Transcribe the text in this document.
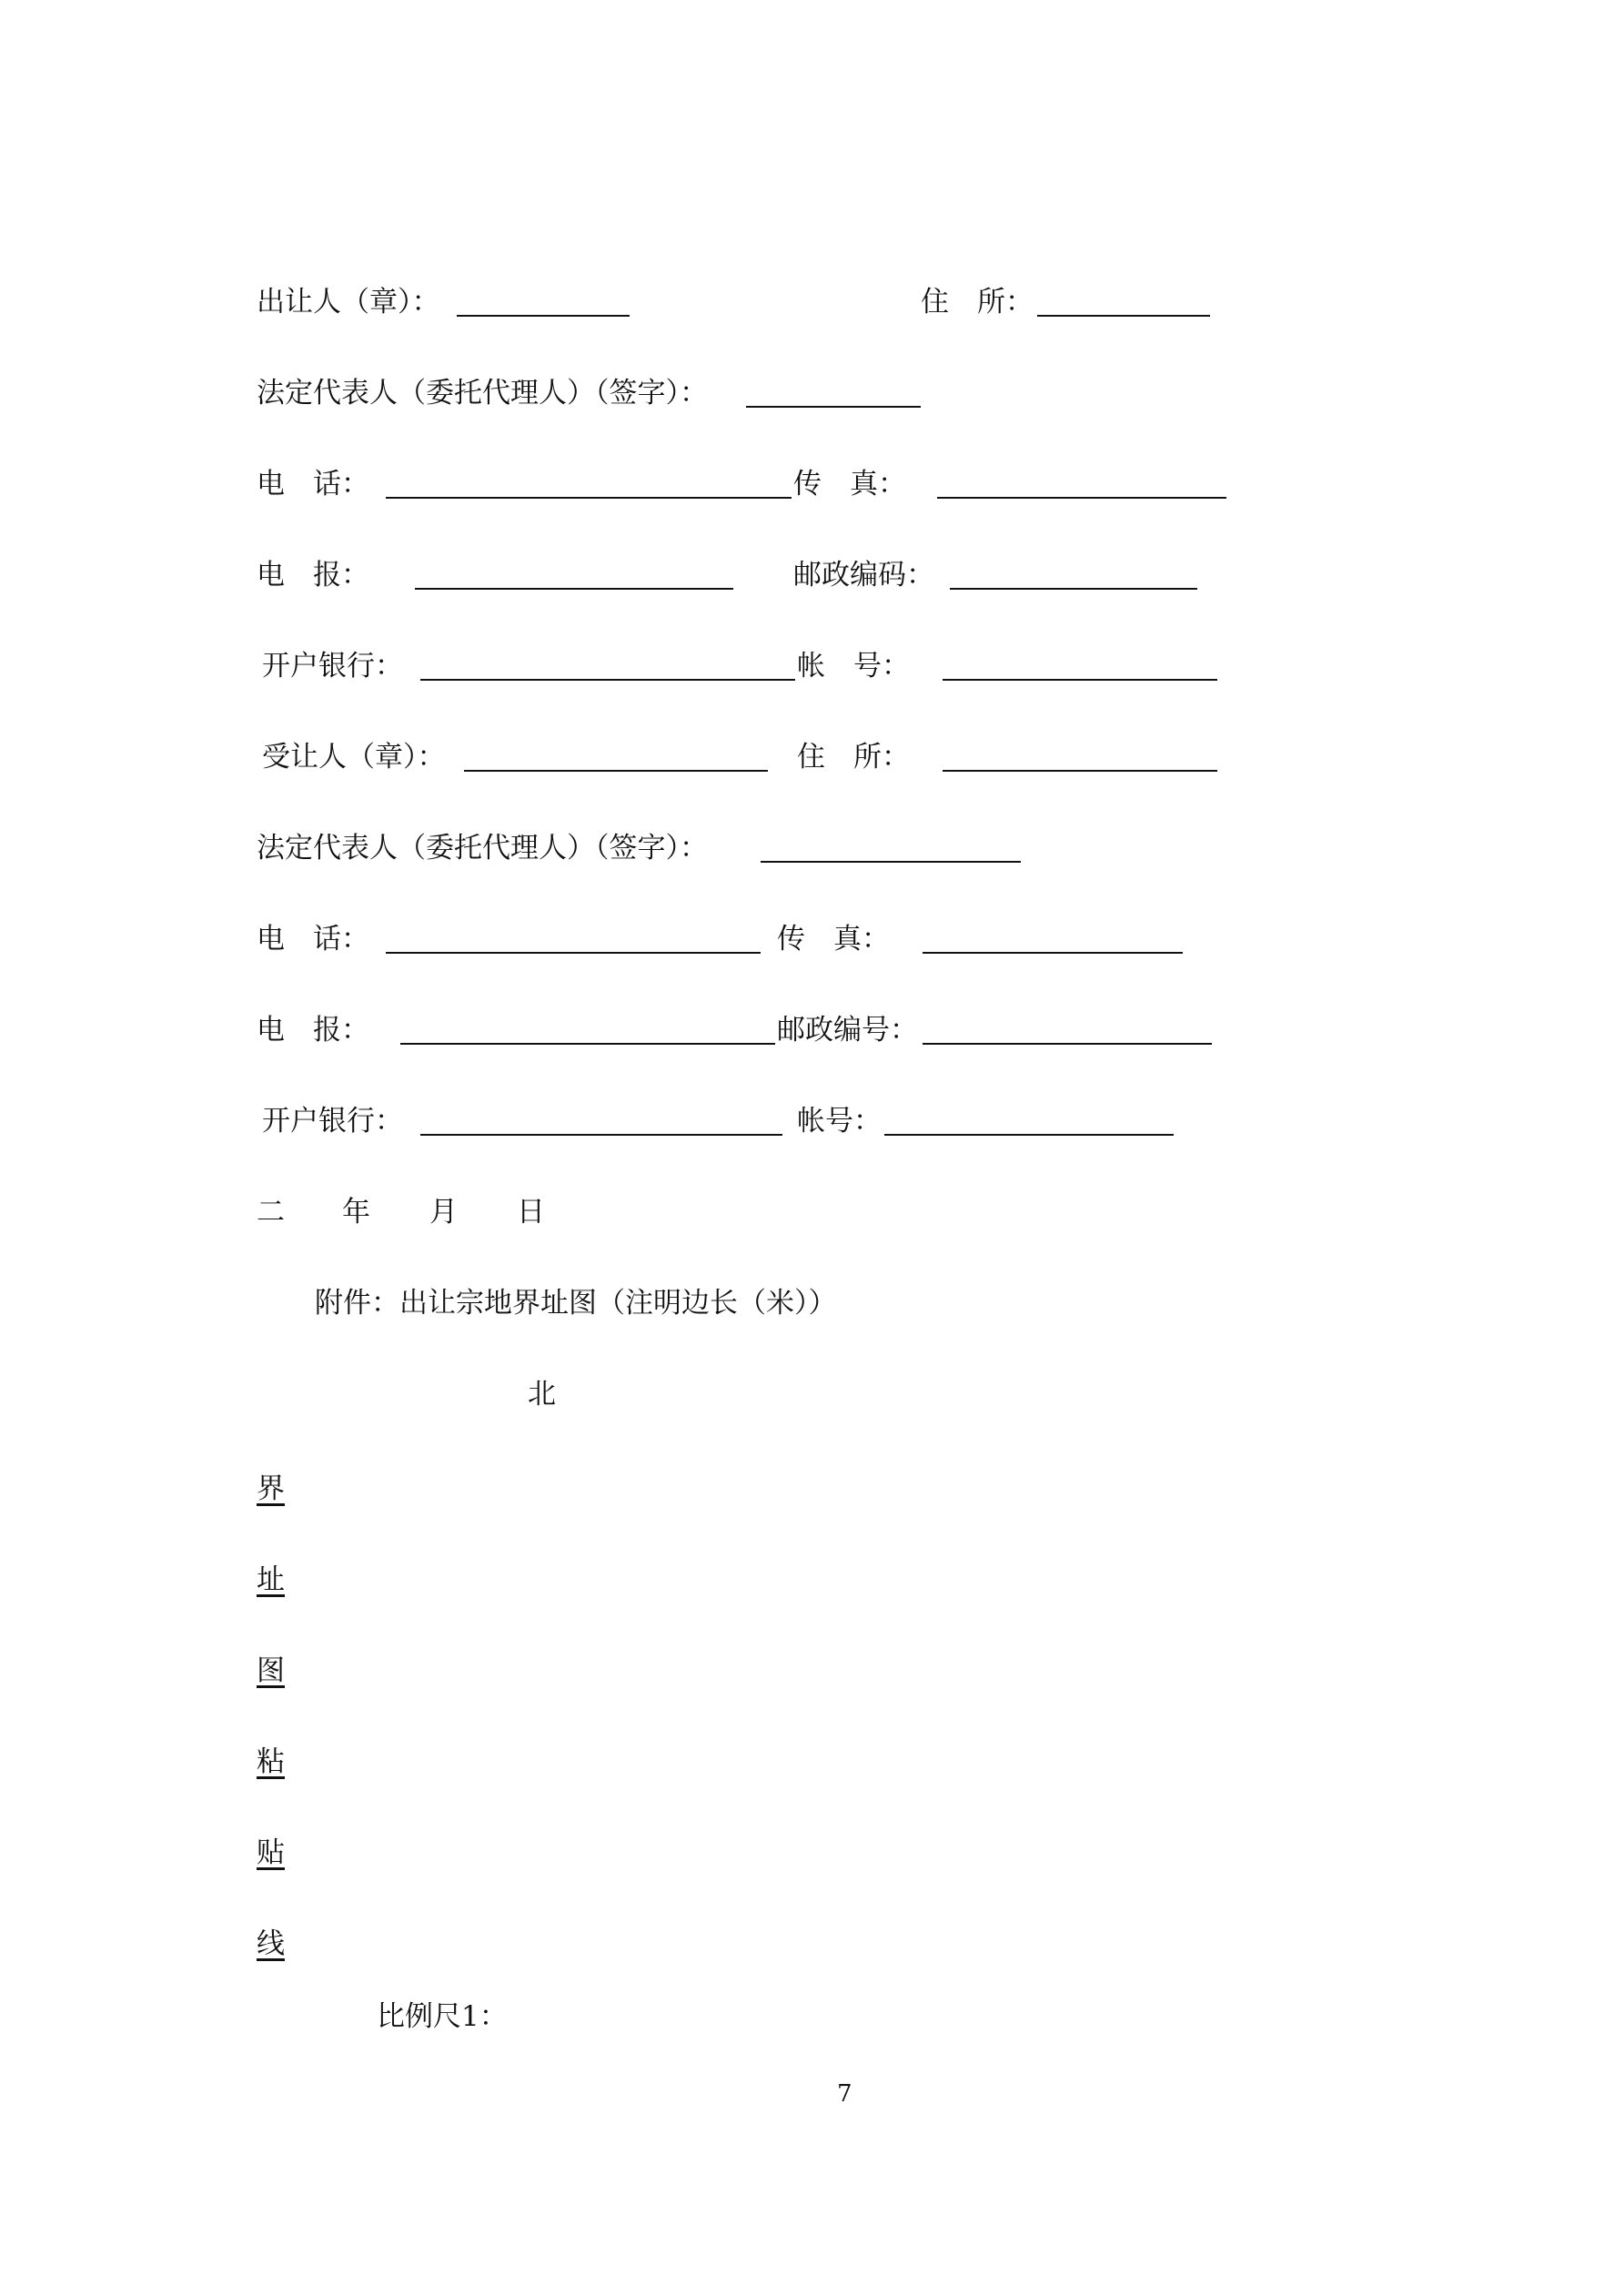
出让人（章）：	住　所：
法定代表人（委托代理人）（签字）：
电　话：	传　真：
电　报：	邮政编码：
开户银行：	帐　号：
受让人（章）：	住　所：
法定代表人（委托代理人）（签字）：
电　话：	传　真：
电　报：	邮政编号：
开户银行：	帐号：
二 年 月 日
附件：出让宗地界址图（注明边长（米））
北
界
址
图
粘
贴
线
比例尺1：
7
